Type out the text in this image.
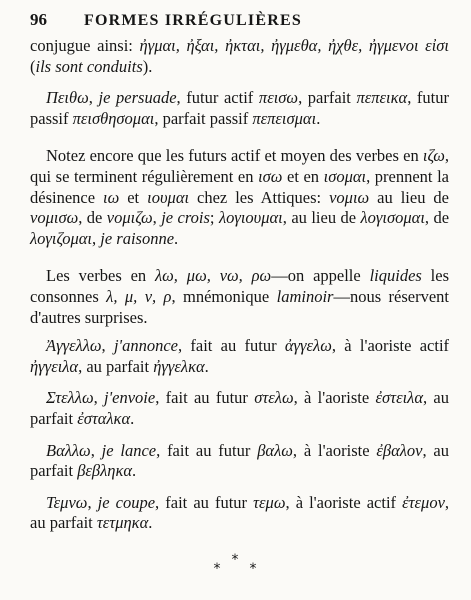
96	FORMES IRRÉGULIÈRES

conjugue ainsi: ἠγμαι, ἠξαι, ἠκται, ἠγμεθα, ἠχθε, ἠγμενοι εἰσι (ils sont conduits).

Πειθω, je persuade, futur actif πεισω, parfait πεπεικα, futur passif πεισθησομαι, parfait passif πεπεισμαι.

Notez encore que les futurs actif et moyen des verbes en ιζω, qui se terminent régulièrement en ισω et en ισομαι, prennent la désinence ιω et ιουμαι chez les Attiques: νομιω au lieu de νομισω, de νομιζω, je crois; λογιουμαι, au lieu de λογισομαι, de λογιζομαι, je raisonne.

Les verbes en λω, μω, νω, ρω—on appelle liquides les consonnes λ, μ, ν, ρ, mnémonique laminoir—nous réservent d'autres surprises.

Ἀγγελλω, j'annonce, fait au futur ἀγγελω, à l'aoriste actif ἠγγειλα, au parfait ἠγγελκα.

Στελλω, j'envoie, fait au futur στελω, à l'aoriste ἐστειλα, au parfait ἐσταλκα.

Βαλλω, je lance, fait au futur βαλω, à l'aoriste ἐβαλον, au parfait βεβληκα.

Τεμνω, je coupe, fait au futur τεμω, à l'aoriste actif ἐτεμον, au parfait τετμηκα.

*
* *
